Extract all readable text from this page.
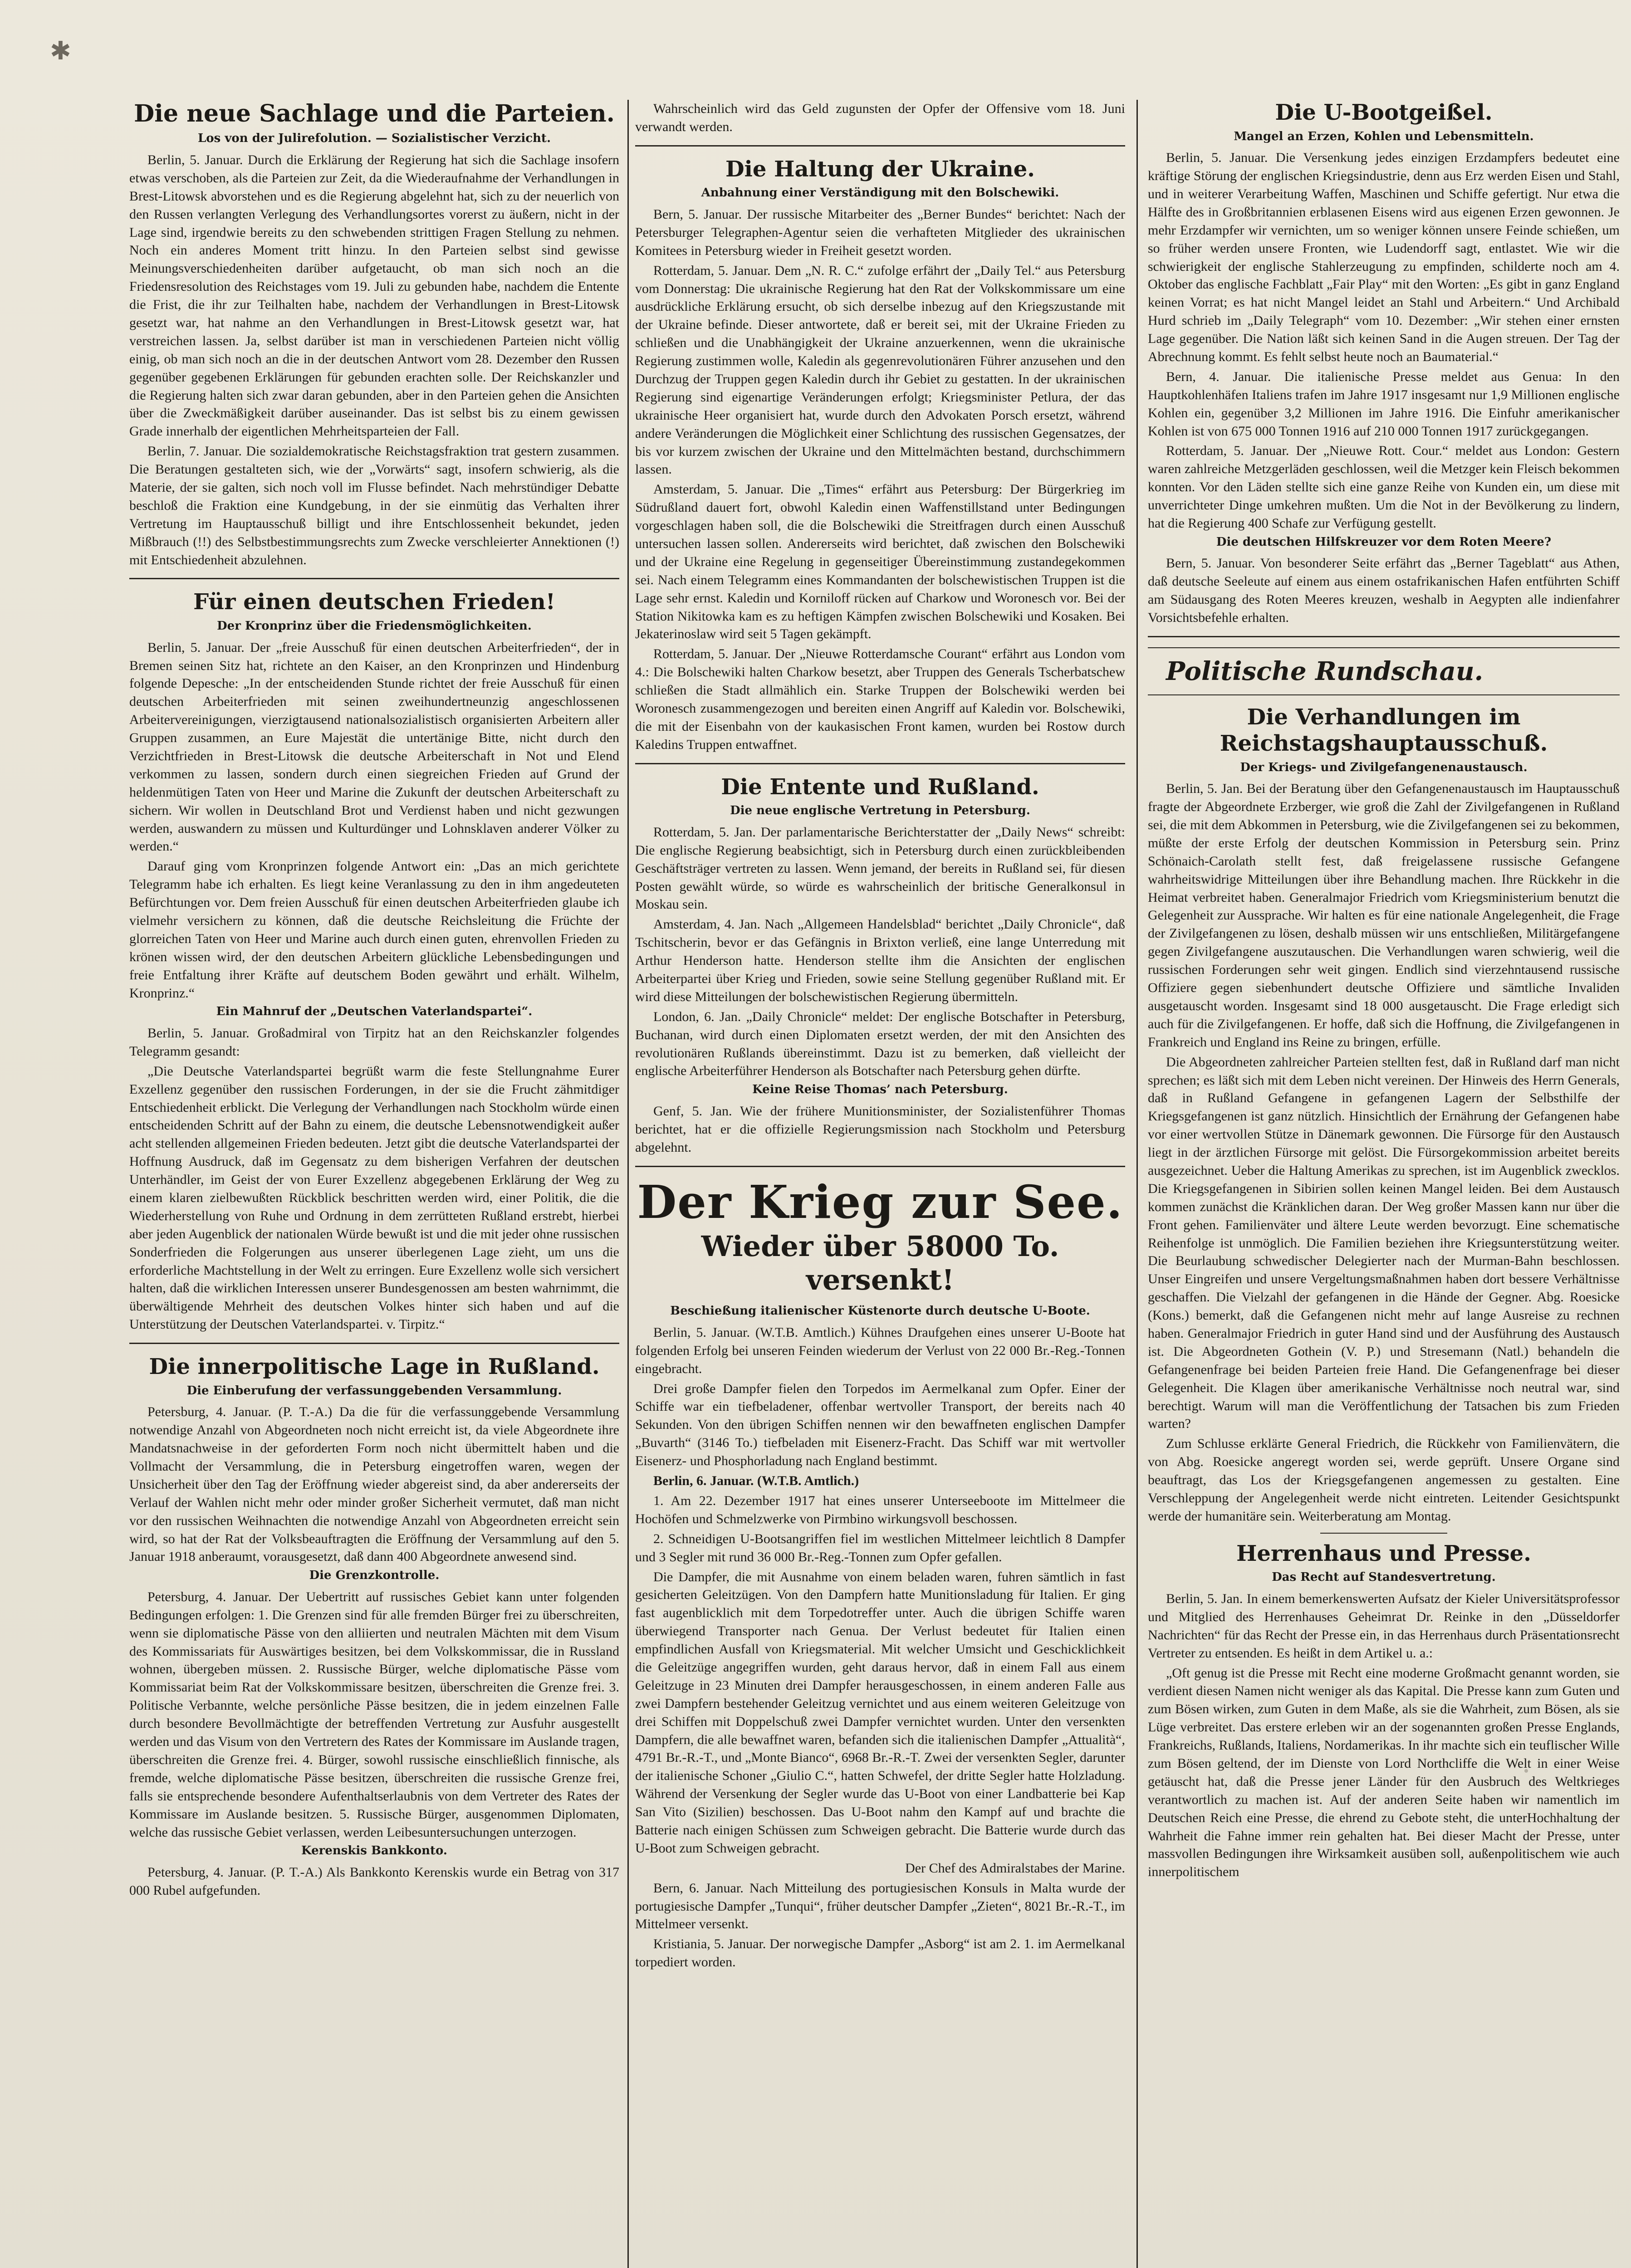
✱
Die neue Sachlage und die Parteien.
Los von der Julirefolution. — Sozialistischer Verzicht.

Berlin, 5. Januar. Durch die Erklärung der Regierung hat sich die Sachlage insofern etwas verschoben, als die Parteien zur Zeit, da die Wiederaufnahme der Verhandlungen in Brest-Litowsk abvorstehen und es die Regierung abgelehnt hat, sich zu der neuerlich von den Russen verlangten Verlegung des Verhandlungsortes vorerst zu äußern, nicht in der Lage sind, irgendwie bereits zu den schwebenden strittigen Fragen Stellung zu nehmen. Noch ein anderes Moment tritt hinzu. In den Parteien selbst sind gewisse Meinungsverschiedenheiten darüber aufgetaucht, ob man sich noch an die Friedensresolution des Reichstages vom 19. Juli zu gebunden habe, nachdem die Entente die Frist, die ihr zur Teilhalten habe, nachdem der Verhandlungen in Brest-Litowsk gesetzt war, hat nahme an den Verhandlungen in Brest-Litowsk gesetzt war, hat verstreichen lassen. Ja, selbst darüber ist man in verschiedenen Parteien nicht völlig einig, ob man sich noch an die in der deutschen Antwort vom 28. Dezember den Russen gegenüber gegebenen Erklärungen für gebunden erachten solle. Der Reichskanzler und die Regierung halten sich zwar daran gebunden, aber in den Parteien gehen die Ansichten über die Zweckmäßigkeit darüber auseinander. Das ist selbst bis zu einem gewissen Grade innerhalb der eigentlichen Mehrheitsparteien der Fall.

Berlin, 7. Januar. Die sozialdemokratische Reichstagsfraktion trat gestern zusammen. Die Beratungen gestalteten sich, wie der „Vorwärts“ sagt, insofern schwierig, als die Materie, der sie galten, sich noch voll im Flusse befindet. Nach mehrstündiger Debatte beschloß die Fraktion eine Kundgebung, in der sie einmütig das Verhalten ihrer Vertretung im Hauptausschuß billigt und ihre Entschlossenheit bekundet, jeden Mißbrauch (!!) des Selbstbestimmungsrechts zum Zwecke verschleierter Annektionen (!) mit Entschiedenheit abzulehnen.

Für einen deutschen Frieden!
Der Kronprinz über die Friedensmöglichkeiten.

Berlin, 5. Januar. Der „freie Ausschuß für einen deutschen Arbeiterfrieden“, der in Bremen seinen Sitz hat, richtete an den Kaiser, an den Kronprinzen und Hindenburg folgende Depesche: „In der entscheidenden Stunde richtet der freie Ausschuß für einen deutschen Arbeiterfrieden mit seinen zweihundertneunzig angeschlossenen Arbeitervereinigungen, vierzigtausend nationalsozialistisch organisierten Arbeitern aller Gruppen zusammen, an Eure Majestät die untertänige Bitte, nicht durch den Verzichtfrieden in Brest-Litowsk die deutsche Arbeiterschaft in Not und Elend verkommen zu lassen, sondern durch einen siegreichen Frieden auf Grund der heldenmütigen Taten von Heer und Marine die Zukunft der deutschen Arbeiterschaft zu sichern. Wir wollen in Deutschland Brot und Verdienst haben und nicht gezwungen werden, auswandern zu müssen und Kulturdünger und Lohnsklaven anderer Völker zu werden.“

Darauf ging vom Kronprinzen folgende Antwort ein: „Das an mich gerichtete Telegramm habe ich erhalten. Es liegt keine Veranlassung zu den in ihm angedeuteten Befürchtungen vor. Dem freien Ausschuß für einen deutschen Arbeiterfrieden glaube ich vielmehr versichern zu können, daß die deutsche Reichsleitung die Früchte der glorreichen Taten von Heer und Marine auch durch einen guten, ehrenvollen Frieden zu krönen wissen wird, der den deutschen Arbeitern glückliche Lebensbedingungen und freie Entfaltung ihrer Kräfte auf deutschem Boden gewährt und erhält. Wilhelm, Kronprinz.“

Ein Mahnruf der „Deutschen Vaterlandspartei“.

Berlin, 5. Januar. Großadmiral von Tirpitz hat an den Reichskanzler folgendes Telegramm gesandt:

„Die Deutsche Vaterlandspartei begrüßt warm die feste Stellungnahme Eurer Exzellenz gegenüber den russischen Forderungen, in der sie die Frucht zähmitdiger Entschiedenheit erblickt. Die Verlegung der Verhandlungen nach Stockholm würde einen entscheidenden Schritt auf der Bahn zu einem, die deutsche Lebensnotwendigkeit außer acht stellenden allgemeinen Frieden bedeuten. Jetzt gibt die deutsche Vaterlandspartei der Hoffnung Ausdruck, daß im Gegensatz zu dem bisherigen Verfahren der deutschen Unterhändler, im Geist der von Eurer Exzellenz abgegebenen Erklärung der Weg zu einem klaren zielbewußten Rückblick beschritten werden wird, einer Politik, die die Wiederherstellung von Ruhe und Ordnung in dem zerrütteten Rußland erstrebt, hierbei aber jeden Augenblick der nationalen Würde bewußt ist und die mit jeder ohne russischen Sonderfrieden die Folgerungen aus unserer überlegenen Lage zieht, um uns die erforderliche Machtstellung in der Welt zu erringen. Eure Exzellenz wolle sich versichert halten, daß die wirklichen Interessen unserer Bundesgenossen am besten wahrnimmt, die überwältigende Mehrheit des deutschen Volkes hinter sich haben und auf die Unterstützung der Deutschen Vaterlandspartei. v. Tirpitz.“

Die innerpolitische Lage in Rußland.
Die Einberufung der verfassunggebenden Versammlung.

Petersburg, 4. Januar. (P. T.-A.) Da die für die verfassunggebende Versammlung notwendige Anzahl von Abgeordneten noch nicht erreicht ist, da viele Abgeordnete ihre Mandatsnachweise in der geforderten Form noch nicht übermittelt haben und die Vollmacht der Versammlung, die in Petersburg eingetroffen waren, wegen der Unsicherheit über den Tag der Eröffnung wieder abgereist sind, da aber andererseits der Verlauf der Wahlen nicht mehr oder minder großer Sicherheit vermutet, daß man nicht vor den russischen Weihnachten die notwendige Anzahl von Abgeordneten erreicht sein wird, so hat der Rat der Volksbeauftragten die Eröffnung der Versammlung auf den 5. Januar 1918 anberaumt, vorausgesetzt, daß dann 400 Abgeordnete anwesend sind.

Die Grenzkontrolle.

Petersburg, 4. Januar. Der Uebertritt auf russisches Gebiet kann unter folgenden Bedingungen erfolgen: 1. Die Grenzen sind für alle fremden Bürger frei zu überschreiten, wenn sie diplomatische Pässe von den alliierten und neutralen Mächten mit dem Visum des Kommissariats für Auswärtiges besitzen, bei dem Volkskommissar, die in Russland wohnen, übergeben müssen. 2. Russische Bürger, welche diplomatische Pässe vom Kommissariat beim Rat der Volkskommissare besitzen, überschreiten die Grenze frei. 3. Politische Verbannte, welche persönliche Pässe besitzen, die in jedem einzelnen Falle durch besondere Bevollmächtigte der betreffenden Vertretung zur Ausfuhr ausgestellt werden und das Visum von den Vertretern des Rates der Kommissare im Auslande tragen, überschreiten die Grenze frei. 4. Bürger, sowohl russische einschließlich finnische, als fremde, welche diplomatische Pässe besitzen, überschreiten die russische Grenze frei, falls sie entsprechende besondere Aufenthaltserlaubnis von dem Vertreter des Rates der Kommissare im Auslande besitzen. 5. Russische Bürger, ausgenommen Diplomaten, welche das russische Gebiet verlassen, werden Leibesuntersuchungen unterzogen.

Kerenskis Bankkonto.

Petersburg, 4. Januar. (P. T.-A.) Als Bankkonto Kerenskis wurde ein Betrag von 317 000 Rubel aufgefunden.

Wahrscheinlich wird das Geld zugunsten der Opfer der Offensive vom 18. Juni verwandt werden.

Die Haltung der Ukraine.
Anbahnung einer Verständigung mit den Bolschewiki.

Bern, 5. Januar. Der russische Mitarbeiter des „Berner Bundes“ berichtet: Nach der Petersburger Telegraphen-Agentur seien die verhafteten Mitglieder des ukrainischen Komitees in Petersburg wieder in Freiheit gesetzt worden.

Rotterdam, 5. Januar. Dem „N. R. C.“ zufolge erfährt der „Daily Tel.“ aus Petersburg vom Donnerstag: Die ukrainische Regierung hat den Rat der Volkskommissare um eine ausdrückliche Erklärung ersucht, ob sich derselbe inbezug auf den Kriegszustande mit der Ukraine befinde. Dieser antwortete, daß er bereit sei, mit der Ukraine Frieden zu schließen und die Unabhängigkeit der Ukraine anzuerkennen, wenn die ukrainische Regierung zustimmen wolle, Kaledin als gegenrevolutionären Führer anzusehen und den Durchzug der Truppen gegen Kaledin durch ihr Gebiet zu gestatten. In der ukrainischen Regierung sind eigenartige Veränderungen erfolgt; Kriegsminister Petlura, der das ukrainische Heer organisiert hat, wurde durch den Advokaten Porsch ersetzt, während andere Veränderungen die Möglichkeit einer Schlichtung des russischen Gegensatzes, der bis vor kurzem zwischen der Ukraine und den Mittelmächten bestand, durchschimmern lassen.

Amsterdam, 5. Januar. Die „Times“ erfährt aus Petersburg: Der Bürgerkrieg im Südrußland dauert fort, obwohl Kaledin einen Waffenstillstand unter Bedingungen vorgeschlagen haben soll, die die Bolschewiki die Streitfragen durch einen Ausschuß untersuchen lassen sollen. Andererseits wird berichtet, daß zwischen den Bolschewiki und der Ukraine eine Regelung in gegenseitiger Übereinstimmung zustandegekommen sei. Nach einem Telegramm eines Kommandanten der bolschewistischen Truppen ist die Lage sehr ernst. Kaledin und Korniloff rücken auf Charkow und Woronesch vor. Bei der Station Nikitowka kam es zu heftigen Kämpfen zwischen Bolschewiki und Kosaken. Bei Jekaterinoslaw wird seit 5 Tagen gekämpft.

Rotterdam, 5. Januar. Der „Nieuwe Rotterdamsche Courant“ erfährt aus London vom 4.: Die Bolschewiki halten Charkow besetzt, aber Truppen des Generals Tscherbatschew schließen die Stadt allmählich ein. Starke Truppen der Bolschewiki werden bei Woronesch zusammengezogen und bereiten einen Angriff auf Kaledin vor. Bolschewiki, die mit der Eisenbahn von der kaukasischen Front kamen, wurden bei Rostow durch Kaledins Truppen entwaffnet.

Die Entente und Rußland.
Die neue englische Vertretung in Petersburg.

Rotterdam, 5. Jan. Der parlamentarische Berichterstatter der „Daily News“ schreibt: Die englische Regierung beabsichtigt, sich in Petersburg durch einen zurückbleibenden Geschäftsträger vertreten zu lassen. Wenn jemand, der bereits in Rußland sei, für diesen Posten gewählt würde, so würde es wahrscheinlich der britische Generalkonsul in Moskau sein.

Amsterdam, 4. Jan. Nach „Allgemeen Handelsblad“ berichtet „Daily Chronicle“, daß Tschitscherin, bevor er das Gefängnis in Brixton verließ, eine lange Unterredung mit Arthur Henderson hatte. Henderson stellte ihm die Ansichten der englischen Arbeiterpartei über Krieg und Frieden, sowie seine Stellung gegenüber Rußland mit. Er wird diese Mitteilungen der bolschewistischen Regierung übermitteln.

London, 6. Jan. „Daily Chronicle“ meldet: Der englische Botschafter in Petersburg, Buchanan, wird durch einen Diplomaten ersetzt werden, der mit den Ansichten des revolutionären Rußlands übereinstimmt. Dazu ist zu bemerken, daß vielleicht der englische Arbeiterführer Henderson als Botschafter nach Petersburg gehen dürfte.

Keine Reise Thomas’ nach Petersburg.

Genf, 5. Jan. Wie der frühere Munitionsminister, der Sozialistenführer Thomas berichtet, hat er die offizielle Regierungsmission nach Stockholm und Petersburg abgelehnt.

Der Krieg zur See.
Wieder über 58000 To. versenkt!
Beschießung italienischer Küstenorte durch deutsche U-Boote.

Berlin, 5. Januar. (W.T.B. Amtlich.) Kühnes Draufgehen eines unserer U-Boote hat folgenden Erfolg bei unseren Feinden wiederum der Verlust von 22 000 Br.-Reg.-Tonnen eingebracht.

Drei große Dampfer fielen den Torpedos im Aermelkanal zum Opfer. Einer der Schiffe war ein tiefbeladener, offenbar wertvoller Transport, der bereits nach 40 Sekunden. Von den übrigen Schiffen nennen wir den bewaffneten englischen Dampfer „Buvarth“ (3146 To.) tiefbeladen mit Eisenerz-Fracht. Das Schiff war mit wertvoller Eisenerz- und Phosphorladung nach England bestimmt.

Berlin, 6. Januar. (W.T.B. Amtlich.)

1. Am 22. Dezember 1917 hat eines unserer Unterseeboote im Mittelmeer die Hochöfen und Schmelzwerke von Pirmbino wirkungsvoll beschossen.

2. Schneidigen U-Bootsangriffen fiel im westlichen Mittelmeer leichtlich 8 Dampfer und 3 Segler mit rund 36 000 Br.-Reg.-Tonnen zum Opfer gefallen.

Die Dampfer, die mit Ausnahme von einem beladen waren, fuhren sämtlich in fast gesicherten Geleitzügen. Von den Dampfern hatte Munitionsladung für Italien. Er ging fast augenblicklich mit dem Torpedotreffer unter. Auch die übrigen Schiffe waren überwiegend Transporter nach Genua. Der Verlust bedeutet für Italien einen empfindlichen Ausfall von Kriegsmaterial. Mit welcher Umsicht und Geschicklichkeit die Geleitzüge angegriffen wurden, geht daraus hervor, daß in einem Fall aus einem Geleitzuge in 23 Minuten drei Dampfer herausgeschossen, in einem anderen Falle aus zwei Dampfern bestehender Geleitzug vernichtet und aus einem weiteren Geleitzuge von drei Schiffen mit Doppelschuß zwei Dampfer vernichtet wurden. Unter den versenkten Dampfern, die alle bewaffnet waren, befanden sich die italienischen Dampfer „Attualità“, 4791 Br.-R.-T., und „Monte Bianco“, 6968 Br.-R.-T. Zwei der versenkten Segler, darunter der italienische Schoner „Giulio C.“, hatten Schwefel, der dritte Segler hatte Holzladung. Während der Versenkung der Segler wurde das U-Boot von einer Landbatterie bei Kap San Vito (Sizilien) beschossen. Das U-Boot nahm den Kampf auf und brachte die Batterie nach einigen Schüssen zum Schweigen gebracht. Die Batterie wurde durch das U-Boot zum Schweigen gebracht.

Der Chef des Admiralstabes der Marine.

Bern, 6. Januar. Nach Mitteilung des portugiesischen Konsuls in Malta wurde der portugiesische Dampfer „Tunqui“, früher deutscher Dampfer „Zieten“, 8021 Br.-R.-T., im Mittelmeer versenkt.

Kristiania, 5. Januar. Der norwegische Dampfer „Asborg“ ist am 2. 1. im Aermelkanal torpediert worden.

Die U-Bootgeißel.
Mangel an Erzen, Kohlen und Lebensmitteln.

Berlin, 5. Januar. Die Versenkung jedes einzigen Erzdampfers bedeutet eine kräftige Störung der englischen Kriegsindustrie, denn aus Erz werden Eisen und Stahl, und in weiterer Verarbeitung Waffen, Maschinen und Schiffe gefertigt. Nur etwa die Hälfte des in Großbritannien erblasenen Eisens wird aus eigenen Erzen gewonnen. Je mehr Erzdampfer wir vernichten, um so weniger können unsere Feinde schießen, um so früher werden unsere Fronten, wie Ludendorff sagt, entlastet. Wie wir die schwierigkeit der englische Stahlerzeugung zu empfinden, schilderte noch am 4. Oktober das englische Fachblatt „Fair Play“ mit den Worten: „Es gibt in ganz England keinen Vorrat; es hat nicht Mangel leidet an Stahl und Arbeitern.“ Und Archibald Hurd schrieb im „Daily Telegraph“ vom 10. Dezember: „Wir stehen einer ernsten Lage gegenüber. Die Nation läßt sich keinen Sand in die Augen streuen. Der Tag der Abrechnung kommt. Es fehlt selbst heute noch an Baumaterial.“

Bern, 4. Januar. Die italienische Presse meldet aus Genua: In den Hauptkohlenhäfen Italiens trafen im Jahre 1917 insgesamt nur 1,9 Millionen englische Kohlen ein, gegenüber 3,2 Millionen im Jahre 1916. Die Einfuhr amerikanischer Kohlen ist von 675 000 Tonnen 1916 auf 210 000 Tonnen 1917 zurückgegangen.

Rotterdam, 5. Januar. Der „Nieuwe Rott. Cour.“ meldet aus London: Gestern waren zahlreiche Metzgerläden geschlossen, weil die Metzger kein Fleisch bekommen konnten. Vor den Läden stellte sich eine ganze Reihe von Kunden ein, um diese mit unverrichteter Dinge umkehren mußten. Um die Not in der Bevölkerung zu lindern, hat die Regierung 400 Schafe zur Verfügung gestellt.

Die deutschen Hilfskreuzer vor dem Roten Meere?

Bern, 5. Januar. Von besonderer Seite erfährt das „Berner Tageblatt“ aus Athen, daß deutsche Seeleute auf einem aus einem ostafrikanischen Hafen entführten Schiff am Südausgang des Roten Meeres kreuzen, weshalb in Aegypten alle indienfahrer Vorsichtsbefehle erhalten.

Politische Rundschau.
Die Verhandlungen im Reichstagshauptausschuß.
Der Kriegs- und Zivilgefangenenaustausch.

Berlin, 5. Jan. Bei der Beratung über den Gefangenenaustausch im Hauptausschuß fragte der Abgeordnete Erzberger, wie groß die Zahl der Zivilgefangenen in Rußland sei, die mit dem Abkommen in Petersburg, wie die Zivilgefangenen sei zu bekommen, müßte der erste Erfolg der deutschen Kommission in Petersburg sein. Prinz Schönaich-Carolath stellt fest, daß freigelassene russische Gefangene wahrheitswidrige Mitteilungen über ihre Behandlung machen. Ihre Rückkehr in die Heimat verbreitet haben. Generalmajor Friedrich vom Kriegsministerium benutzt die Gelegenheit zur Aussprache. Wir halten es für eine nationale Angelegenheit, die Frage der Zivilgefangenen zu lösen, deshalb müssen wir uns entschließen, Militärgefangene gegen Zivilgefangene auszutauschen. Die Verhandlungen waren schwierig, weil die russischen Forderungen sehr weit gingen. Endlich sind vierzehntausend russische Offiziere gegen siebenhundert deutsche Offiziere und sämtliche Invaliden ausgetauscht worden. Insgesamt sind 18 000 ausgetauscht. Die Frage erledigt sich auch für die Zivilgefangenen. Er hoffe, daß sich die Hoffnung, die Zivilgefangenen in Frankreich und England ins Reine zu bringen, erfülle.

Die Abgeordneten zahlreicher Parteien stellten fest, daß in Rußland darf man nicht sprechen; es läßt sich mit dem Leben nicht vereinen. Der Hinweis des Herrn Generals, daß in Rußland Gefangene in gefangenen Lagern der Selbsthilfe der Kriegsgefangenen ist ganz nützlich. Hinsichtlich der Ernährung der Gefangenen habe vor einer wertvollen Stütze in Dänemark gewonnen. Die Fürsorge für den Austausch liegt in der ärztlichen Fürsorge mit gelöst. Die Fürsorgekommission arbeitet bereits ausgezeichnet. Ueber die Haltung Amerikas zu sprechen, ist im Augenblick zwecklos. Die Kriegsgefangenen in Sibirien sollen keinen Mangel leiden. Bei dem Austausch kommen zunächst die Kränklichen daran. Der Weg großer Massen kann nur über die Front gehen. Familienväter und ältere Leute werden bevorzugt. Eine schematische Reihenfolge ist unmöglich. Die Familien beziehen ihre Kriegsunterstützung weiter. Die Beurlaubung schwedischer Delegierter nach der Murman-Bahn beschlossen. Unser Eingreifen und unsere Vergeltungsmaßnahmen haben dort bessere Verhältnisse geschaffen. Die Vielzahl der gefangenen in die Hände der Gegner. Abg. Roesicke (Kons.) bemerkt, daß die Gefangenen nicht mehr auf lange Ausreise zu rechnen haben. Generalmajor Friedrich in guter Hand sind und der Ausführung des Austausch ist. Die Abgeordneten Gothein (V. P.) und Stresemann (Natl.) behandeln die Gefangenenfrage bei beiden Parteien freie Hand. Die Gefangenenfrage bei dieser Gelegenheit. Die Klagen über amerikanische Verhältnisse noch neutral war, sind berechtigt. Warum will man die Veröffentlichung der Tatsachen bis zum Frieden warten?

Zum Schlusse erklärte General Friedrich, die Rückkehr von Familienvätern, die von Abg. Roesicke angeregt worden sei, werde geprüft. Unsere Organe sind beauftragt, das Los der Kriegsgefangenen angemessen zu gestalten. Eine Verschleppung der Angelegenheit werde nicht eintreten. Leitender Gesichtspunkt werde der humanitäre sein. Weiterberatung am Montag.

Herrenhaus und Presse.
Das Recht auf Standesvertretung.

Berlin, 5. Jan. In einem bemerkenswerten Aufsatz der Kieler Universitätsprofessor und Mitglied des Herrenhauses Geheimrat Dr. Reinke in den „Düsseldorfer Nachrichten“ für das Recht der Presse ein, in das Herrenhaus durch Präsentationsrecht Vertreter zu entsenden. Es heißt in dem Artikel u. a.:

„Oft genug ist die Presse mit Recht eine moderne Großmacht genannt worden, sie verdient diesen Namen nicht weniger als das Kapital. Die Presse kann zum Guten und zum Bösen wirken, zum Guten in dem Maße, als sie die Wahrheit, zum Bösen, als sie Lüge verbreitet. Das erstere erleben wir an der sogenannten großen Presse Englands, Frankreichs, Rußlands, Italiens, Nordamerikas. In ihr machte sich ein teuflischer Wille zum Bösen geltend, der im Dienste von Lord Northcliffe die Welt in einer Weise getäuscht hat, daß die Presse jener Länder für den Ausbruch des Weltkrieges verantwortlich zu machen ist. Auf der anderen Seite haben wir namentlich im Deutschen Reich eine Presse, die ehrend zu Gebote steht, die unterHochhaltung der Wahrheit die Fahne immer rein gehalten hat. Bei dieser Macht der Presse, unter massvollen Bedingungen ihre Wirksamkeit ausüben soll, außenpolitischem wie auch innerpolitischem
